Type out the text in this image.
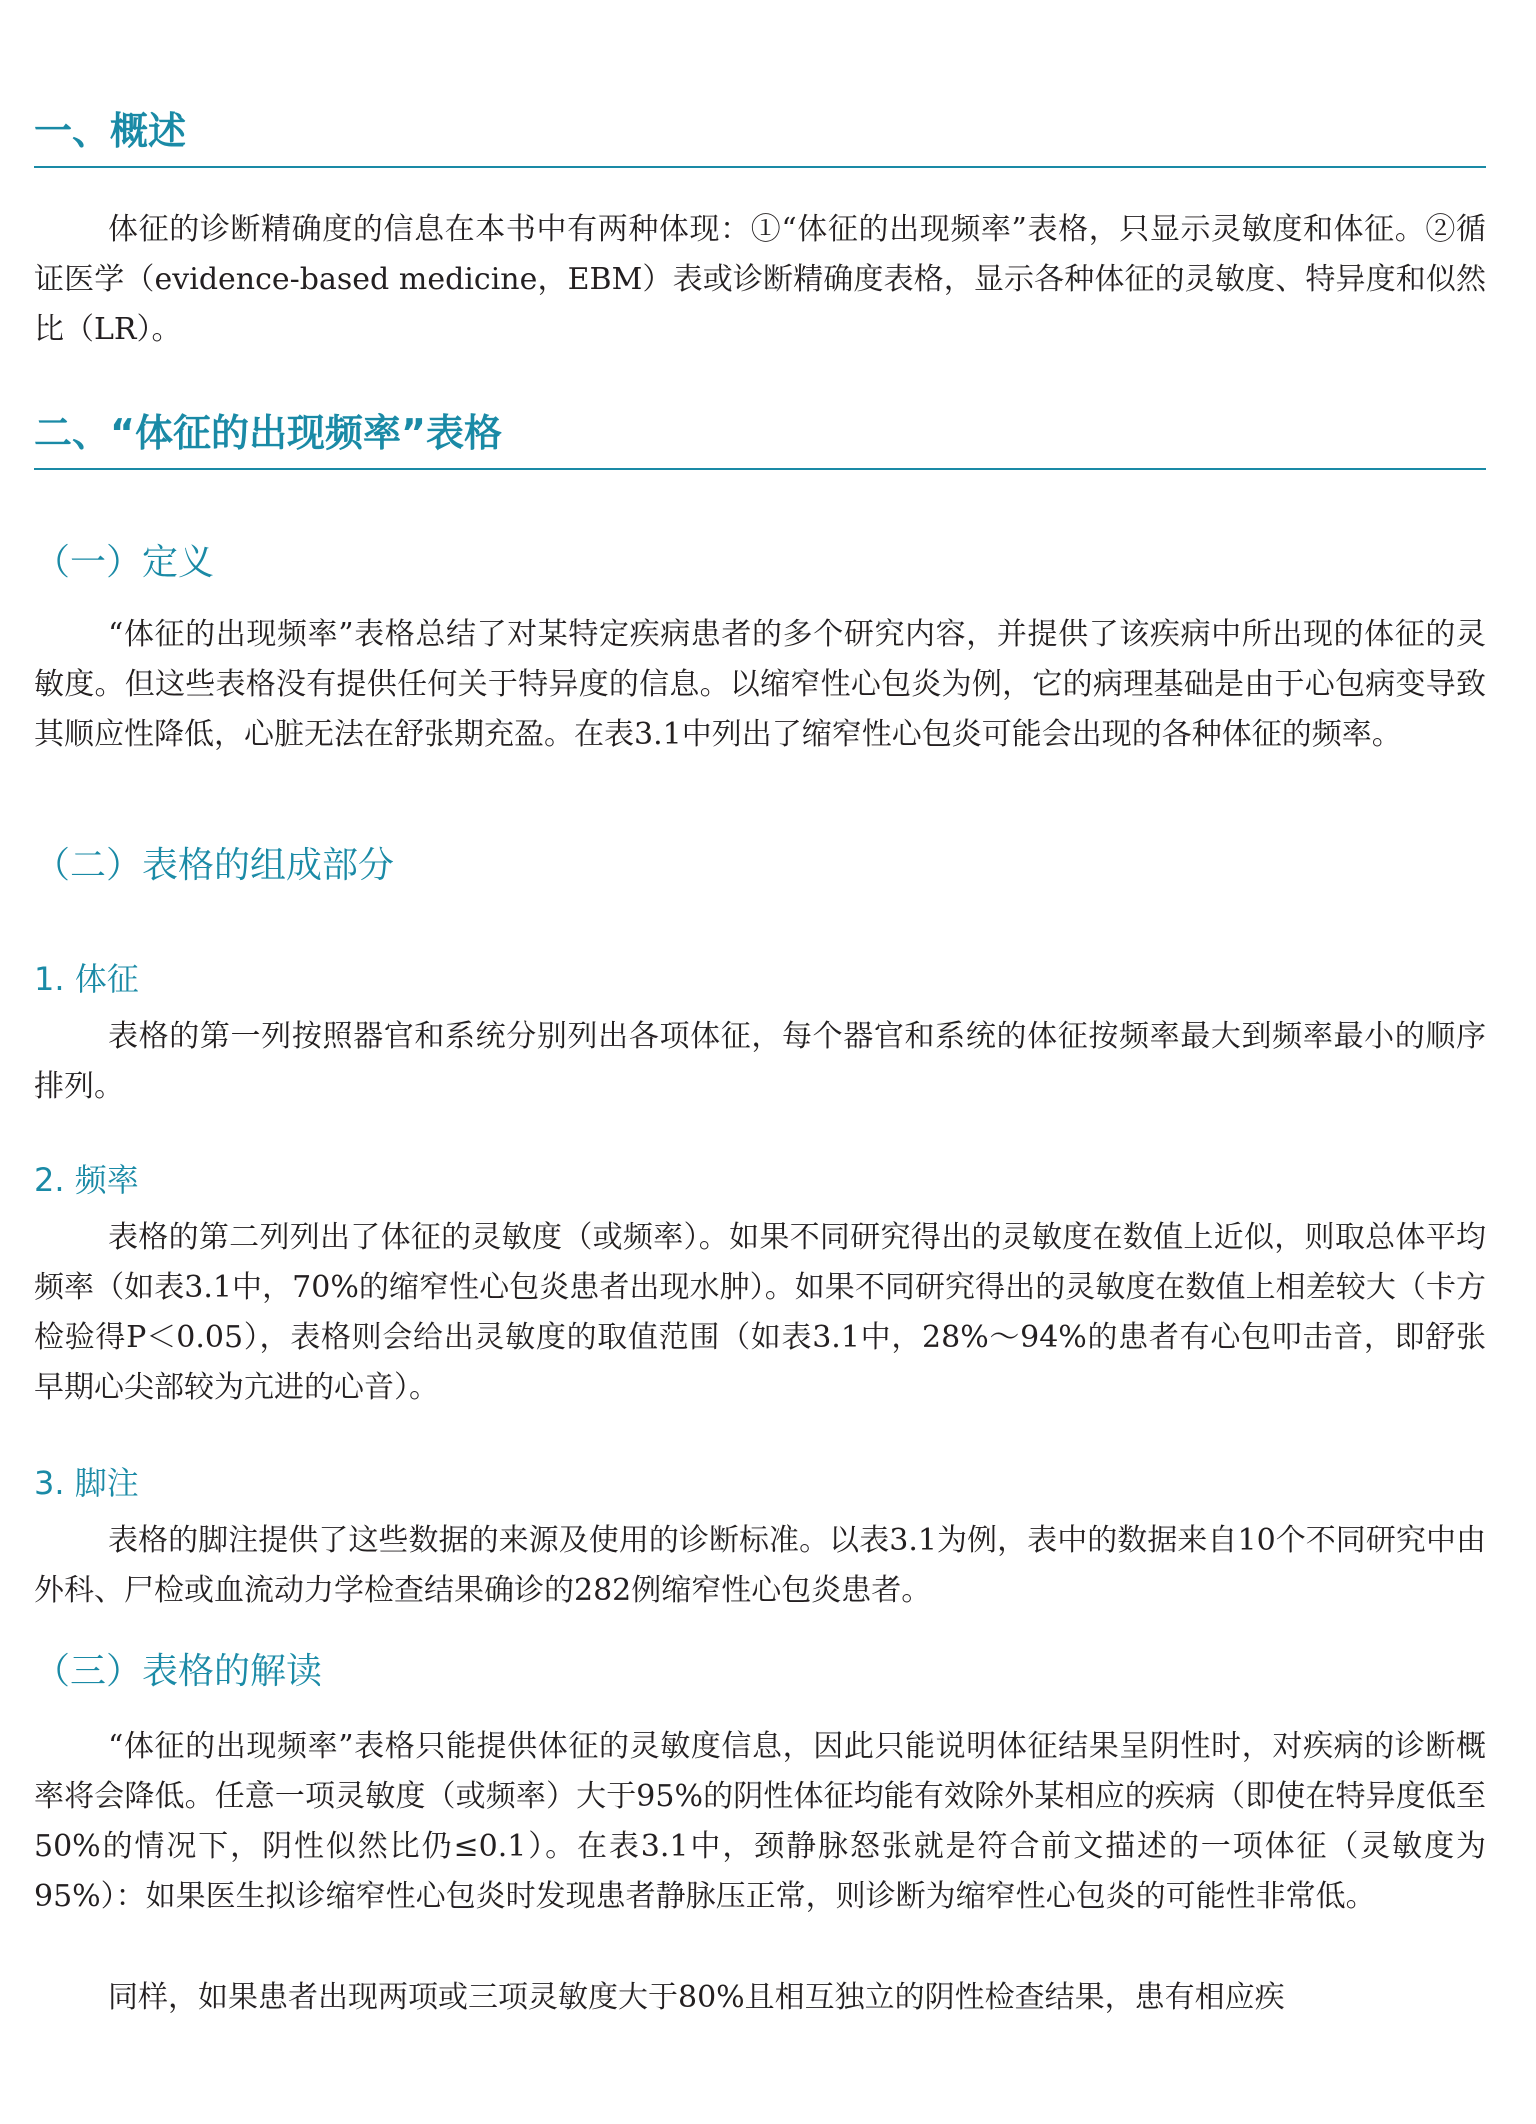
一、概述

体征的诊断精确度的信息在本书中有两种体现：①“体征的出现频率”表格，只显示灵敏度和体征。②循证医学（evidence-based medicine，EBM）表或诊断精确度表格，显示各种体征的灵敏度、特异度和似然比（LR）。

二、“体征的出现频率”表格
（一）定义

“体征的出现频率”表格总结了对某特定疾病患者的多个研究内容，并提供了该疾病中所出现的体征的灵敏度。但这些表格没有提供任何关于特异度的信息。以缩窄性心包炎为例，它的病理基础是由于心包病变导致其顺应性降低，心脏无法在舒张期充盈。在表3.1中列出了缩窄性心包炎可能会出现的各种体征的频率。

（二）表格的组成部分
1. 体征

表格的第一列按照器官和系统分别列出各项体征，每个器官和系统的体征按频率最大到频率最小的顺序排列。

2. 频率

表格的第二列列出了体征的灵敏度（或频率）。如果不同研究得出的灵敏度在数值上近似，则取总体平均频率（如表3.1中，70%的缩窄性心包炎患者出现水肿）。如果不同研究得出的灵敏度在数值上相差较大（卡方检验得P＜0.05），表格则会给出灵敏度的取值范围（如表3.1中，28%～94%的患者有心包叩击音，即舒张早期心尖部较为亢进的心音）。

3. 脚注

表格的脚注提供了这些数据的来源及使用的诊断标准。以表3.1为例，表中的数据来自10个不同研究中由外科、尸检或血流动力学检查结果确诊的282例缩窄性心包炎患者。

（三）表格的解读

“体征的出现频率”表格只能提供体征的灵敏度信息，因此只能说明体征结果呈阴性时，对疾病的诊断概率将会降低。任意一项灵敏度（或频率）大于95%的阴性体征均能有效除外某相应的疾病（即使在特异度低至50%的情况下，阴性似然比仍≤0.1）。在表3.1中，颈静脉怒张就是符合前文描述的一项体征（灵敏度为95%）：如果医生拟诊缩窄性心包炎时发现患者静脉压正常，则诊断为缩窄性心包炎的可能性非常低。

同样，如果患者出现两项或三项灵敏度大于80%且相互独立的阴性检查结果，患有相应疾
